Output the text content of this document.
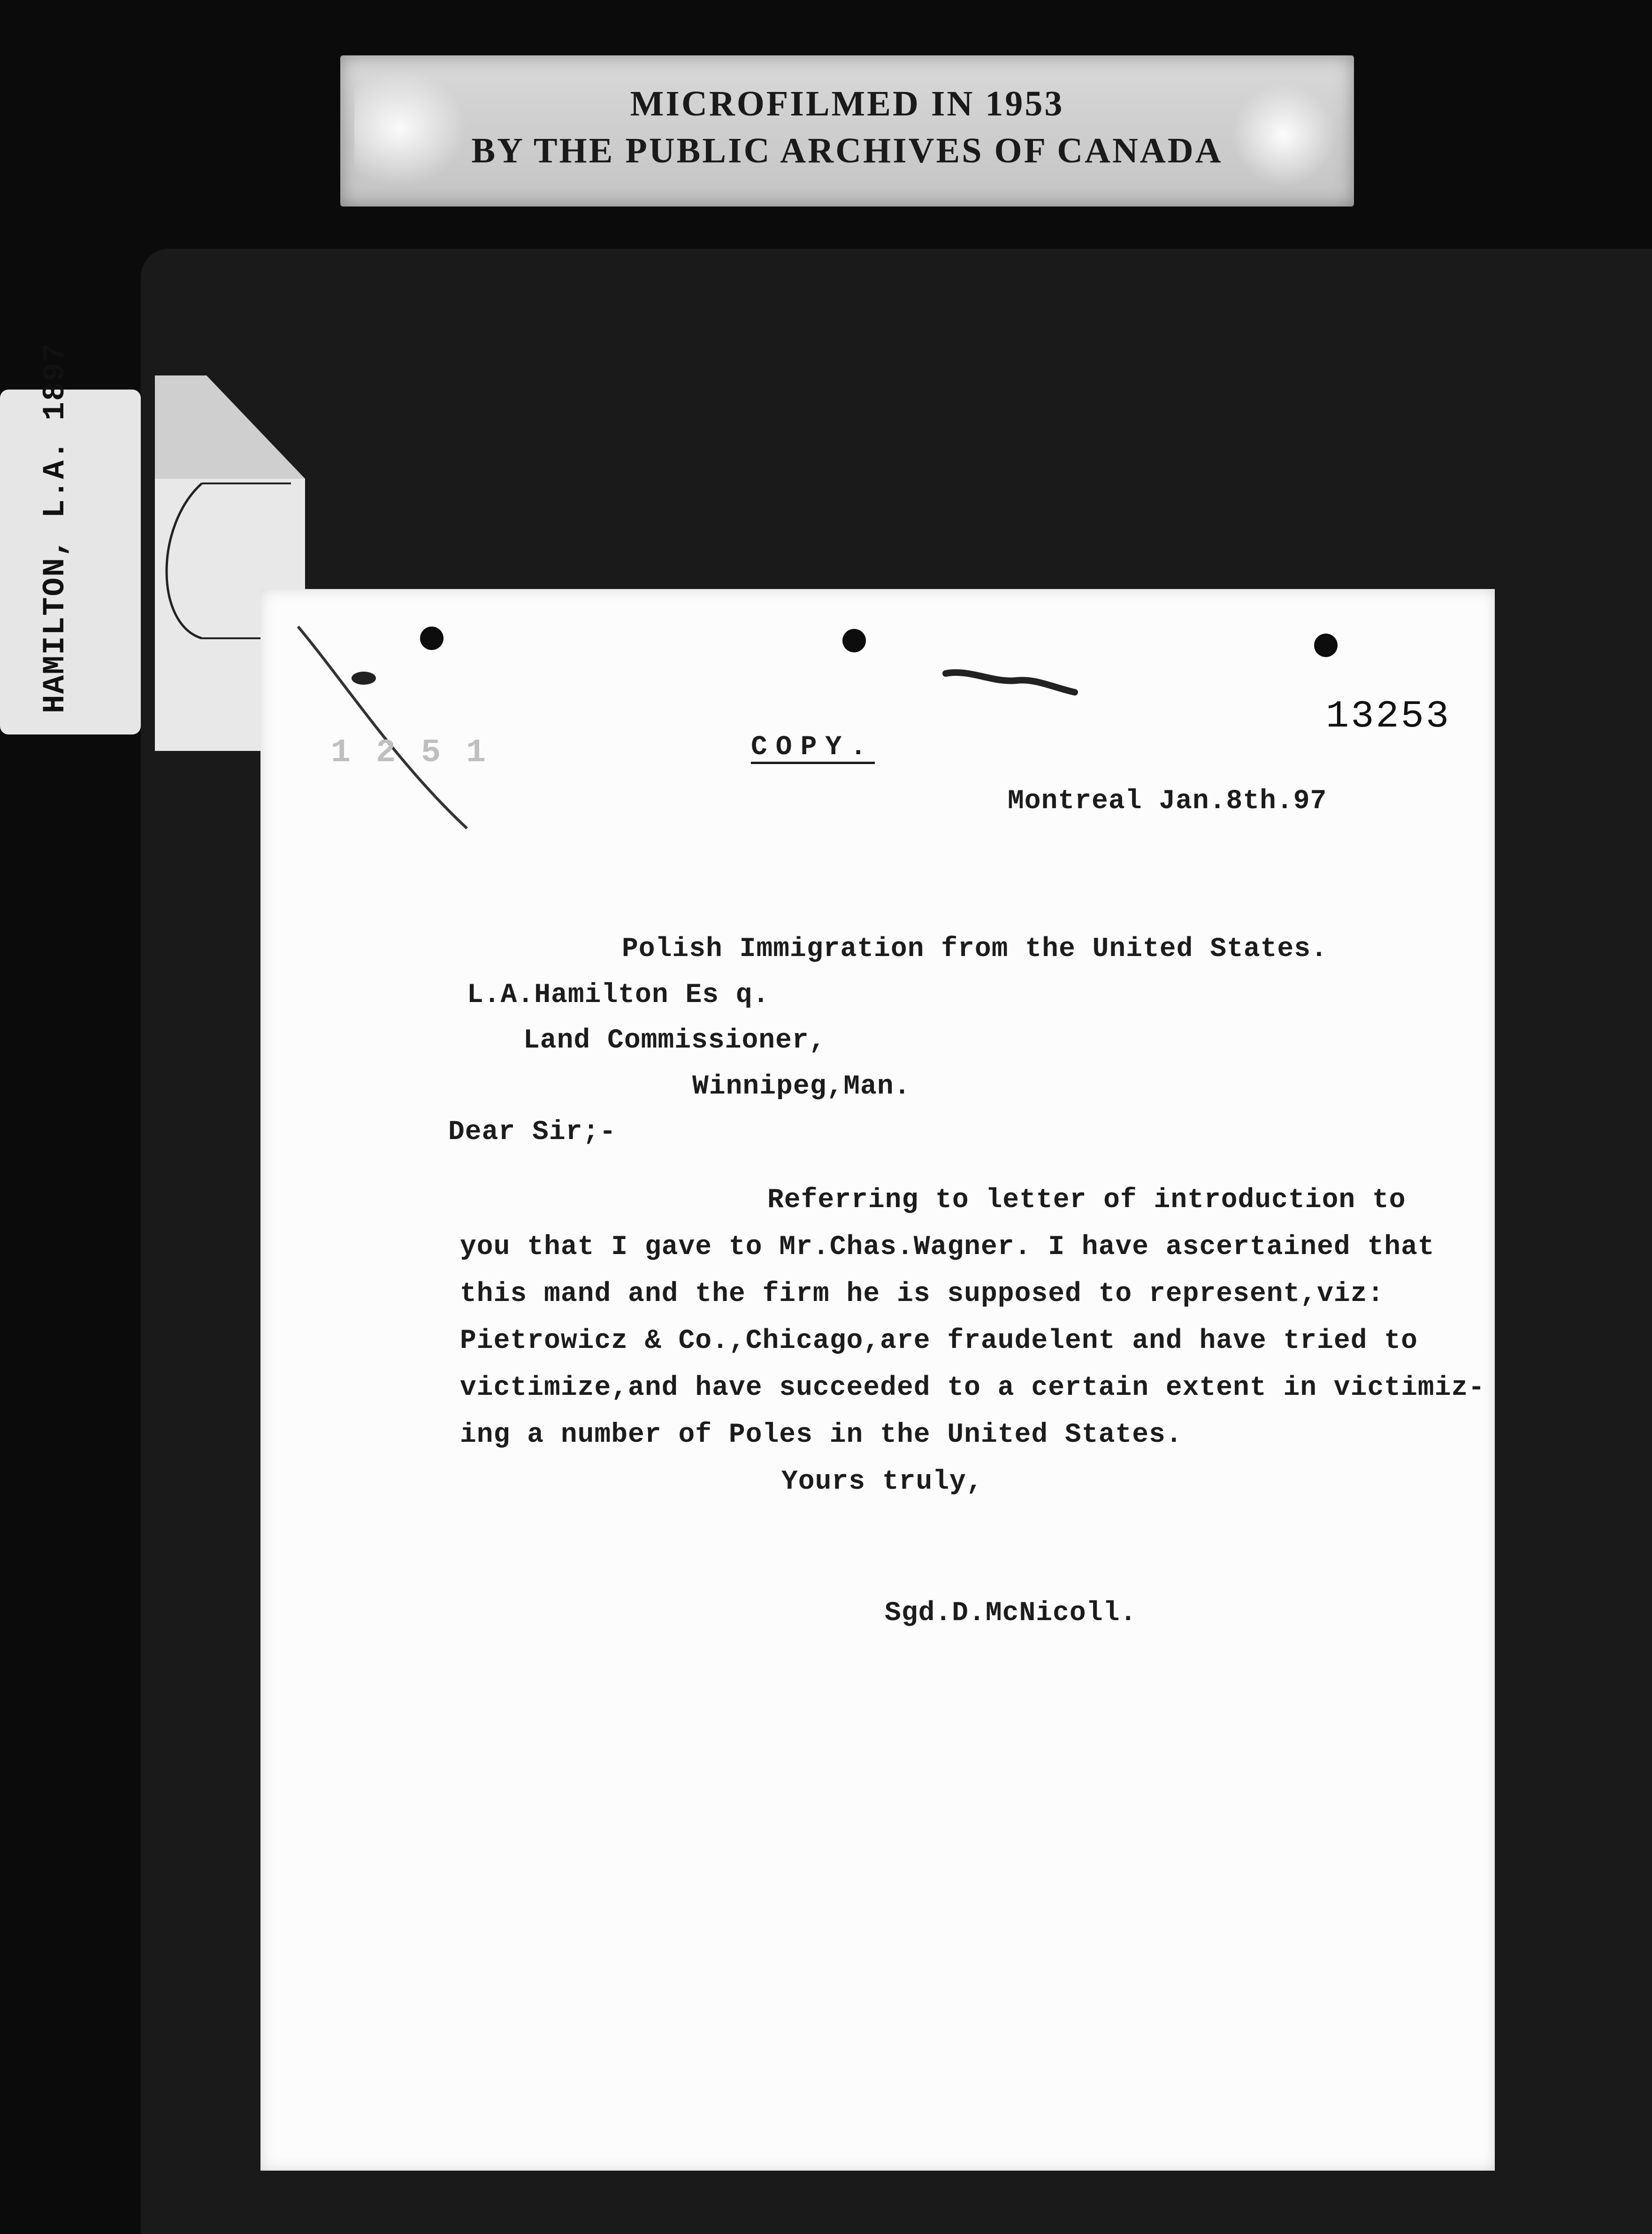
MICROFILMED IN 1953
BY THE PUBLIC ARCHIVES OF CANADA
HAMILTON, L.A. 1897
1 2 5 1
13253
COPY.
Montreal Jan.8th.97
Polish Immigration from the United States.
L.A.Hamilton Es q.
Land Commissioner,
Winnipeg,Man.
Dear Sir;-
Referring to letter of introduction to
you that I gave to Mr.Chas.Wagner. I have ascertained that
this mand and the firm he is supposed to represent,viz:
Pietrowicz & Co.,Chicago,are fraudelent and have tried to
victimize,and have succeeded to a certain extent in victimiz-
ing a number of Poles in the United States.
Yours truly,
Sgd.D.McNicoll.
